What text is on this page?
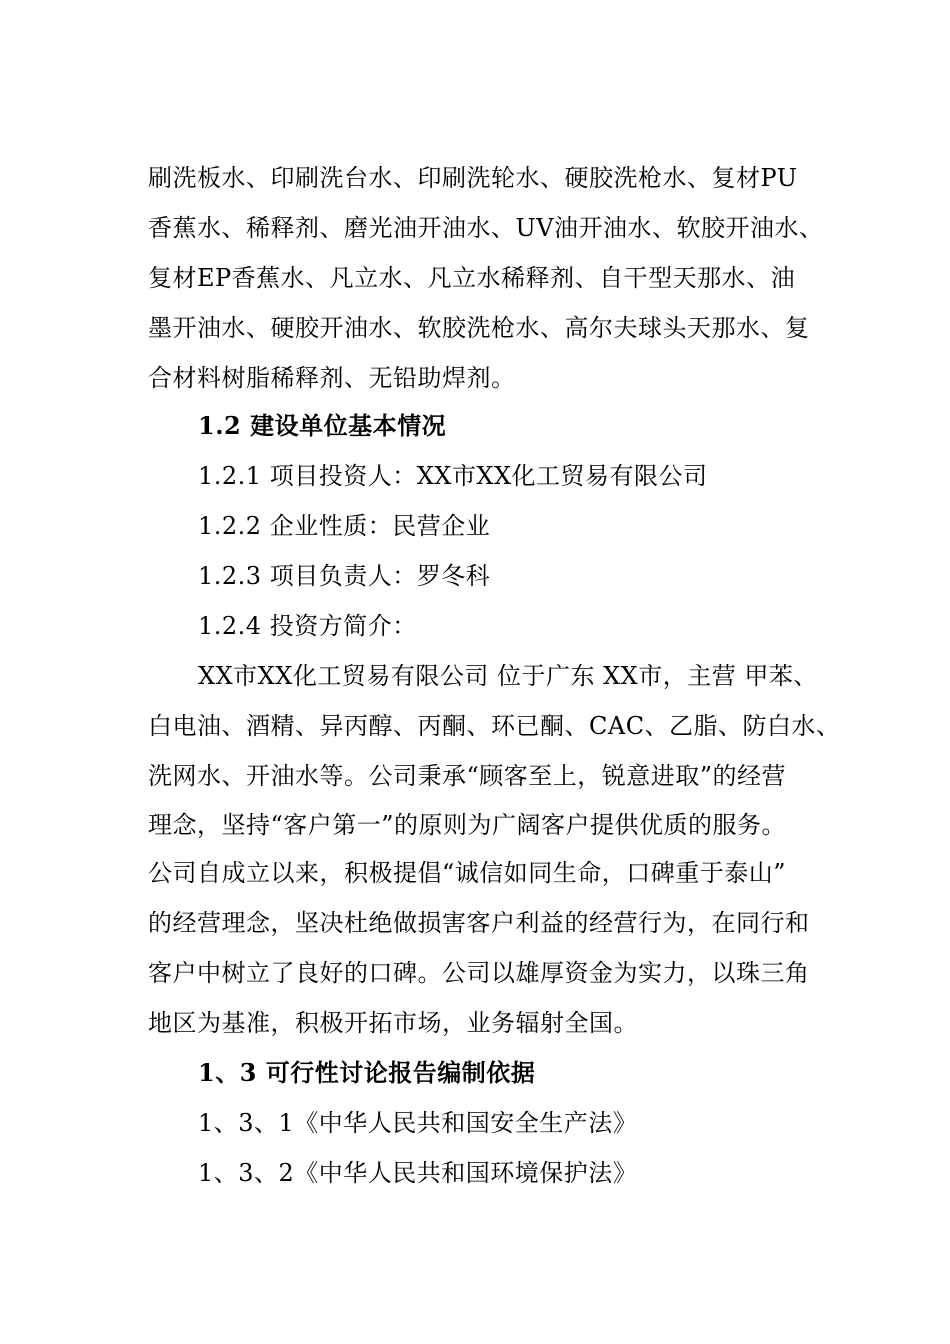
刷洗板水、印刷洗台水、印刷洗轮水、硬胶洗枪水、复材PU
香蕉水、稀释剂、磨光油开油水、UV油开油水、软胶开油水、
复材EP香蕉水、凡立水、凡立水稀释剂、自干型天那水、油
墨开油水、硬胶开油水、软胶洗枪水、高尔夫球头天那水、复
合材料树脂稀释剂、无铅助焊剂。
1.2 建设单位基本情况
1.2.1 项目投资人：XX市XX化工贸易有限公司
1.2.2 企业性质：民营企业
1.2.3 项目负责人：罗冬科
1.2.4 投资方简介：
XX市XX化工贸易有限公司 位于广东 XX市，主营 甲苯、
白电油、酒精、异丙醇、丙酮、环已酮、CAC、乙脂、防白水、
洗网水、开油水等。公司秉承“顾客至上，锐意进取”的经营
理念，坚持“客户第一”的原则为广阔客户提供优质的服务。
公司自成立以来，积极提倡“诚信如同生命，口碑重于泰山”
的经营理念，坚决杜绝做损害客户利益的经营行为，在同行和
客户中树立了良好的口碑。公司以雄厚资金为实力，以珠三角
地区为基准，积极开拓市场，业务辐射全国。
1、3 可行性讨论报告编制依据
1、3、1《中华人民共和国安全生产法》
1、3、2《中华人民共和国环境保护法》
